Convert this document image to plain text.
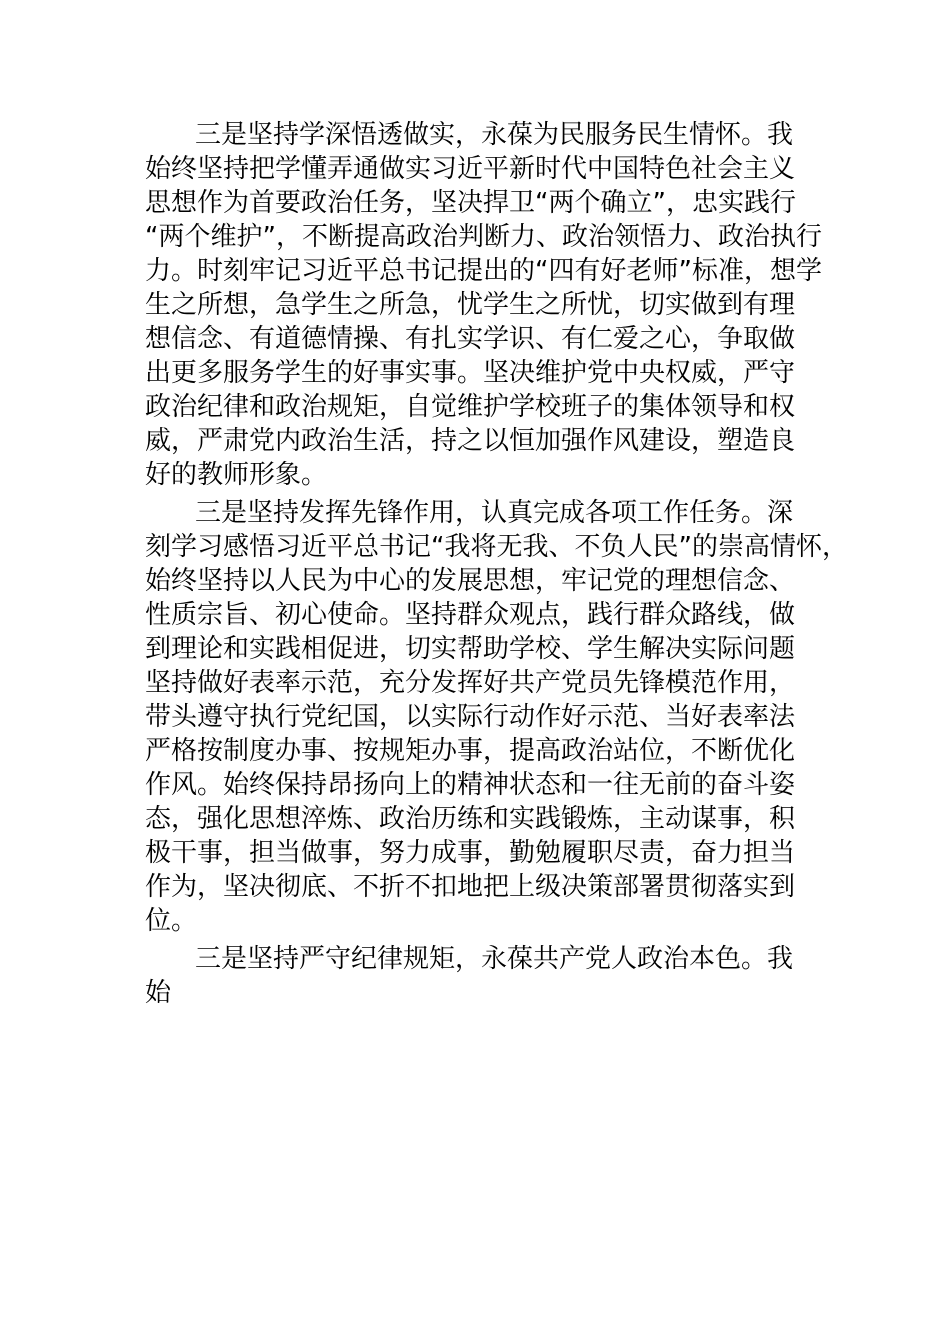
三是坚持学深悟透做实，永葆为民服务民生情怀。我

始终坚持把学懂弄通做实习近平新时代中国特色社会主义

思想作为首要政治任务，坚决捍卫“两个确立”，忠实践行

“两个维护”，不断提高政治判断力、政治领悟力、政治执行

力。时刻牢记习近平总书记提出的“四有好老师”标准，想学

生之所想，急学生之所急，忧学生之所忧，切实做到有理

想信念、有道德情操、有扎实学识、有仁爱之心，争取做

出更多服务学生的好事实事。坚决维护党中央权威，严守

政治纪律和政治规矩，自觉维护学校班子的集体领导和权

威，严肃党内政治生活，持之以恒加强作风建设，塑造良

好的教师形象。

三是坚持发挥先锋作用，认真完成各项工作任务。深

刻学习感悟习近平总书记“我将无我、不负人民”的崇高情怀，

始终坚持以人民为中心的发展思想，牢记党的理想信念、

性质宗旨、初心使命。坚持群众观点，践行群众路线，做

到理论和实践相促进，切实帮助学校、学生解决实际问题

坚持做好表率示范，充分发挥好共产党员先锋模范作用，

带头遵守执行党纪国，以实际行动作好示范、当好表率法

严格按制度办事、按规矩办事，提高政治站位，不断优化

作风。始终保持昂扬向上的精神状态和一往无前的奋斗姿

态，强化思想淬炼、政治历练和实践锻炼，主动谋事，积

极干事，担当做事，努力成事，勤勉履职尽责，奋力担当

作为，坚决彻底、不折不扣地把上级决策部署贯彻落实到

位。

三是坚持严守纪律规矩，永葆共产党人政治本色。我

始
